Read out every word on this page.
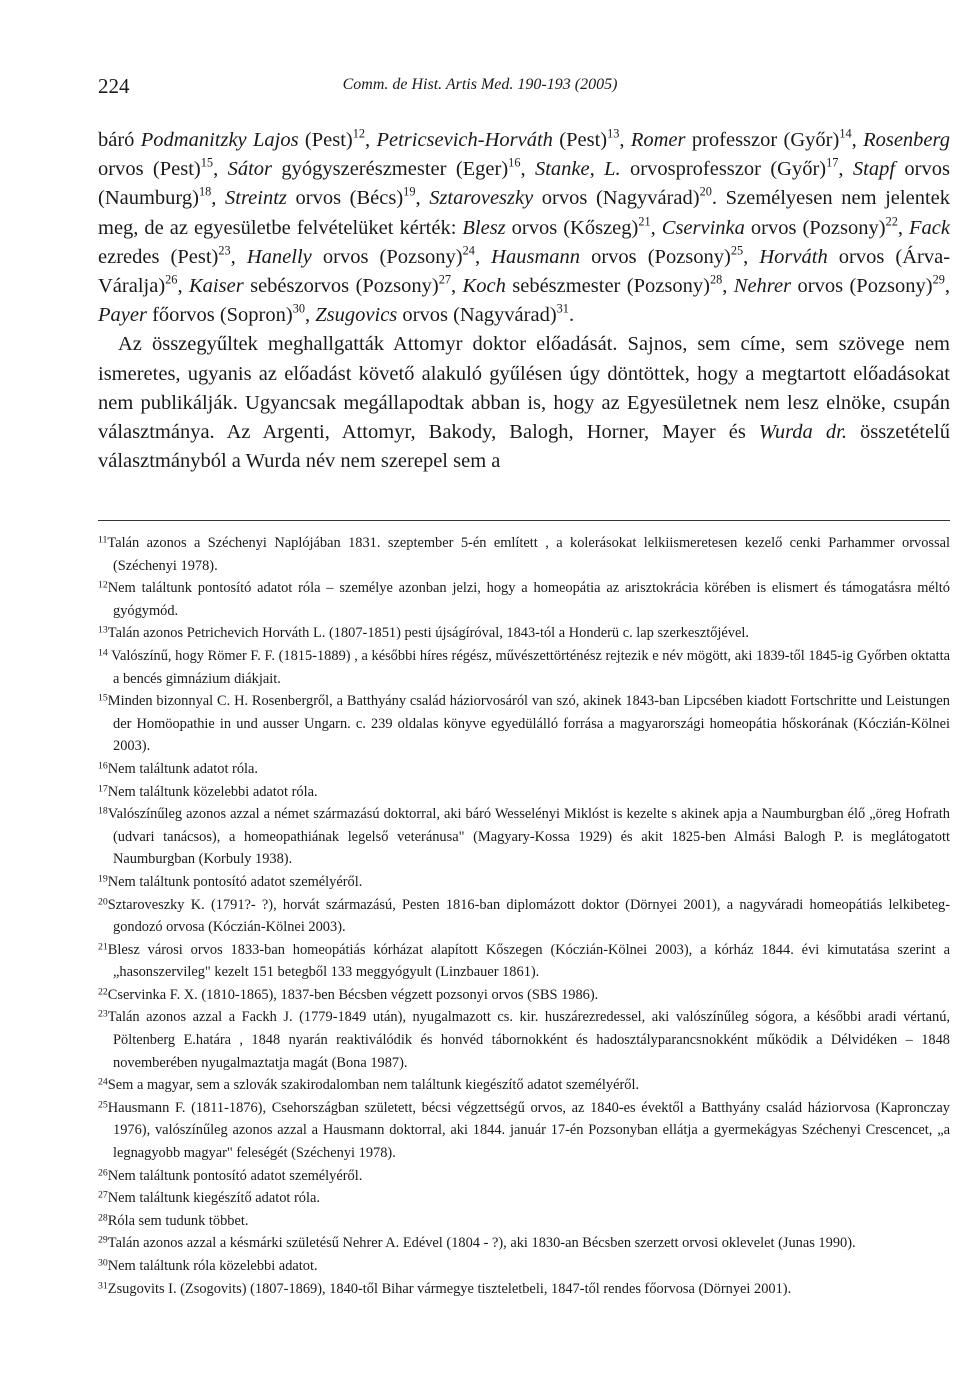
224	Comm. de Hist. Artis Med. 190-193 (2005)

báró Podmanitzky Lajos (Pest)$^{12}$, Petricsevich-Horváth (Pest)$^{13}$, Romer professzor (Győr)$^{14}$, Rosenberg orvos (Pest)$^{15}$, Sátor gyógyszerészmester (Eger)$^{16}$, Stanke, L. orvosprofesszor (Győr)$^{17}$, Stapf orvos (Naumburg)$^{18}$, Streintz orvos (Bécs)$^{19}$, Sztaroveszky orvos (Nagyvárad)$^{20}$. Személyesen nem jelentek meg, de az egyesületbe felvételüket kérték: Blesz orvos (Kőszeg)$^{21}$, Cservinka orvos (Pozsony)$^{22}$, Fack ezredes (Pest)$^{23}$, Hanelly orvos (Pozsony)$^{24}$, Hausmann orvos (Pozsony)$^{25}$, Horváth orvos (Árva-Váralja)$^{26}$, Kaiser sebészorvos (Pozsony)$^{27}$, Koch sebészmester (Pozsony)$^{28}$, Nehrer orvos (Pozsony)$^{29}$, Payer főorvos (Sopron)$^{30}$, Zsugovics orvos (Nagyvárad)$^{31}$.

Az összegyűltek meghallgatták Attomyr doktor előadását. Sajnos, sem címe, sem szövege nem ismeretes, ugyanis az előadást követő alakuló gyűlésen úgy döntöttek, hogy a megtartott előadásokat nem publikálják. Ugyancsak megállapodtak abban is, hogy az Egyesületnek nem lesz elnöke, csupán választmánya. Az Argenti, Attomyr, Bakody, Balogh, Horner, Mayer és Wurda dr. összetételű választmányból a Wurda név nem szerepel sem a

$^{11}$Talán azonos a Széchenyi Naplójában 1831. szeptember 5-én említett , a kolerásokat lelkiismeretesen kezelő cenki Parhammer orvossal (Széchenyi 1978).

$^{12}$Nem találtunk pontosító adatot róla – személye azonban jelzi, hogy a homeopátia az arisztokrácia körében is elismert és támogatásra méltó gyógymód.

$^{13}$Talán azonos Petrichevich Horváth L. (1807-1851) pesti újságíróval, 1843-tól a Honderü c. lap szerkesztőjével.

$^{14}$ Valószínű, hogy Römer F. F. (1815-1889) , a későbbi híres régész, művészettörténész rejtezik e név mögött, aki 1839-től 1845-ig Győrben oktatta a bencés gimnázium diákjait.

$^{15}$Minden bizonnyal C. H. Rosenbergről, a Batthyány család háziorvosáról van szó, akinek 1843-ban Lipcsében kiadott Fortschritte und Leistungen der Homöopathie in und ausser Ungarn. c. 239 oldalas könyve egyedülálló forrása a magyarországi homeopátia hőskorának (Kóczián-Kölnei 2003).

$^{16}$Nem találtunk adatot róla.

$^{17}$Nem találtunk közelebbi adatot róla.

$^{18}$Valószínűleg azonos azzal a német származású doktorral, aki báró Wesselényi Miklóst is kezelte s akinek apja a Naumburgban élő „öreg Hofrath (udvari tanácsos), a homeopathiának legelső veteránusa" (Magyary-Kossa 1929) és akit 1825-ben Almási Balogh P. is meglátogatott Naumburgban (Korbuly 1938).

$^{19}$Nem találtunk pontosító adatot személyéről.

$^{20}$Sztaroveszky K. (1791?- ?), horvát származású, Pesten 1816-ban diplomázott doktor (Dörnyei 2001), a nagyváradi homeopátiás lelkibeteg-gondozó orvosa (Kóczián-Kölnei 2003).

$^{21}$Blesz városi orvos 1833-ban homeopátiás kórházat alapított Kőszegen (Kóczián-Kölnei 2003), a kórház 1844. évi kimutatása szerint a „hasonszervileg" kezelt 151 betegből 133 meggyógyult (Linzbauer 1861).

$^{22}$Cservinka F. X. (1810-1865), 1837-ben Bécsben végzett pozsonyi orvos (SBS 1986).

$^{23}$Talán azonos azzal a Fackh J. (1779-1849 után), nyugalmazott cs. kir. huszárezredessel, aki valószínűleg sógora, a későbbi aradi vértanú, Pöltenberg E.határa , 1848 nyarán reaktiválódik és honvéd tábornokként és hadosztályparancsnokként működik a Délvidéken – 1848 novemberében nyugalmaztatja magát (Bona 1987).

$^{24}$Sem a magyar, sem a szlovák szakirodalomban nem találtunk kiegészítő adatot személyéről.

$^{25}$Hausmann F. (1811-1876), Csehországban született, bécsi végzettségű orvos, az 1840-es évektől a Batthyány család háziorvosa (Kapronczay 1976), valószínűleg azonos azzal a Hausmann doktorral, aki 1844. január 17-én Pozsonyban ellátja a gyermekágyas Széchenyi Crescencet, „a legnagyobb magyar" feleségét (Széchenyi 1978).

$^{26}$Nem találtunk pontosító adatot személyéről.

$^{27}$Nem találtunk kiegészítő adatot róla.

$^{28}$Róla sem tudunk többet.

$^{29}$Talán azonos azzal a késmárki születésű Nehrer A. Edével (1804 - ?), aki 1830-an Bécsben szerzett orvosi oklevelet (Junas 1990).

$^{30}$Nem találtunk róla közelebbi adatot.

$^{31}$Zsugovits I. (Zsogovits) (1807-1869), 1840-től Bihar vármegye tiszteletbeli, 1847-től rendes főorvosa (Dörnyei 2001).
